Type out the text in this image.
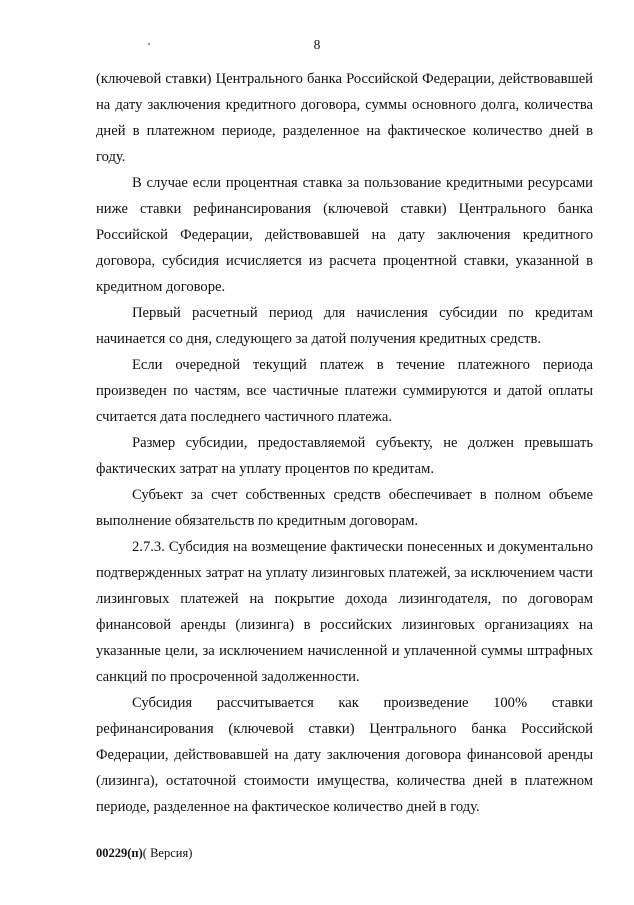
8

(ключевой ставки) Центрального банка Российской Федерации, действовавшей на дату заключения кредитного договора, суммы основного долга, количества дней в платежном периоде, разделенное на фактическое количество дней в году.

В случае если процентная ставка за пользование кредитными ресурсами ниже ставки рефинансирования (ключевой ставки) Центрального банка Российской Федерации, действовавшей на дату заключения кредитного договора, субсидия исчисляется из расчета процентной ставки, указанной в кредитном договоре.

Первый расчетный период для начисления субсидии по кредитам начинается со дня, следующего за датой получения кредитных средств.

Если очередной текущий платеж в течение платежного периода произведен по частям, все частичные платежи суммируются и датой оплаты считается дата последнего частичного платежа.

Размер субсидии, предоставляемой субъекту, не должен превышать фактических затрат на уплату процентов по кредитам.

Субъект за счет собственных средств обеспечивает в полном объеме выполнение обязательств по кредитным договорам.

2.7.3. Субсидия на возмещение фактически понесенных и документально подтвержденных затрат на уплату лизинговых платежей, за исключением части лизинговых платежей на покрытие дохода лизингодателя, по договорам финансовой аренды (лизинга) в российских лизинговых организациях на указанные цели, за исключением начисленной и уплаченной суммы штрафных санкций по просроченной задолженности.

Субсидия рассчитывается как произведение 100% ставки рефинансирования (ключевой ставки) Центрального банка Российской Федерации, действовавшей на дату заключения договора финансовой аренды (лизинга), остаточной стоимости имущества, количества дней в платежном периоде, разделенное на фактическое количество дней в году.

00229(п)( Версия)
